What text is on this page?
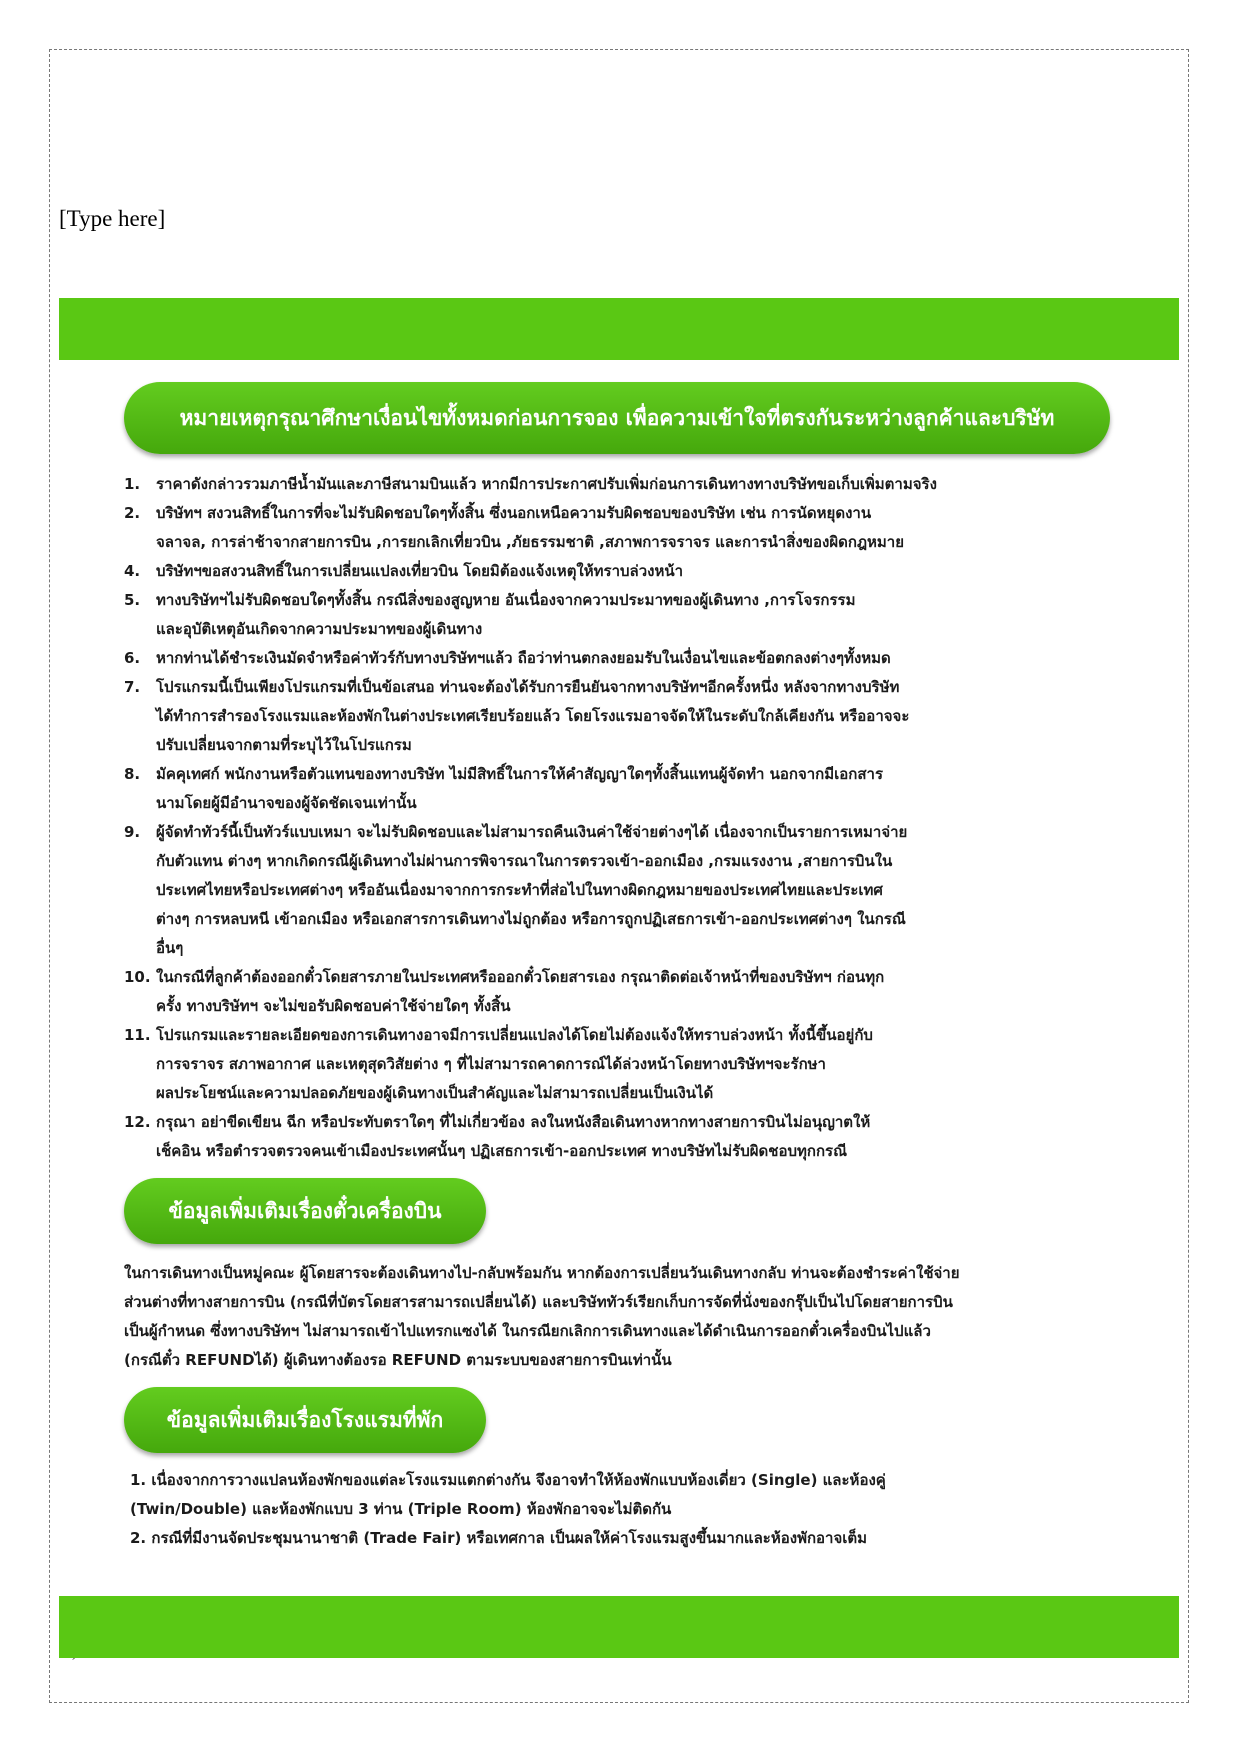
[Type here]
หมายเหตุกรุณาศึกษาเงื่อนไขทั้งหมดก่อนการจอง เพื่อความเข้าใจที่ตรงกันระหว่างลูกค้าและบริษัท
1.	ราคาดังกล่าวรวมภาษีน้ำมันและภาษีสนามบินแล้ว หากมีการประกาศปรับเพิ่มก่อนการเดินทางทางบริษัทขอเก็บเพิ่มตามจริง
2.	บริษัทฯ สงวนสิทธิ์ในการที่จะไม่รับผิดชอบใดๆทั้งสิ้น ซึ่งนอกเหนือความรับผิดชอบของบริษัท เช่น การนัดหยุดงาน
จลาจล, การล่าช้าจากสายการบิน ,การยกเลิกเที่ยวบิน ,ภัยธรรมชาติ ,สภาพการจราจร และการนำสิ่งของผิดกฎหมาย
4.	บริษัทฯขอสงวนสิทธิ์ในการเปลี่ยนแปลงเที่ยวบิน โดยมิต้องแจ้งเหตุให้ทราบล่วงหน้า
5.	ทางบริษัทฯไม่รับผิดชอบใดๆทั้งสิ้น กรณีสิ่งของสูญหาย อันเนื่องจากความประมาทของผู้เดินทาง ,การโจรกรรม
และอุบัติเหตุอันเกิดจากความประมาทของผู้เดินทาง
6.	หากท่านได้ชำระเงินมัดจำหรือค่าทัวร์กับทางบริษัทฯแล้ว ถือว่าท่านตกลงยอมรับในเงื่อนไขและข้อตกลงต่างๆทั้งหมด
7.	โปรแกรมนี้เป็นเพียงโปรแกรมที่เป็นข้อเสนอ ท่านจะต้องได้รับการยืนยันจากทางบริษัทฯอีกครั้งหนึ่ง หลังจากทางบริษัท
ได้ทำการสำรองโรงแรมและห้องพักในต่างประเทศเรียบร้อยแล้ว โดยโรงแรมอาจจัดให้ในระดับใกล้เคียงกัน หรืออาจจะ
ปรับเปลี่ยนจากตามที่ระบุไว้ในโปรแกรม
8.	มัคคุเทศก์ พนักงานหรือตัวแทนของทางบริษัท ไม่มีสิทธิ์ในการให้คำสัญญาใดๆทั้งสิ้นแทนผู้จัดทำ นอกจากมีเอกสาร
นามโดยผู้มีอำนาจของผู้จัดชัดเจนเท่านั้น
9.	ผู้จัดทำทัวร์นี้เป็นทัวร์แบบเหมา จะไม่รับผิดชอบและไม่สามารถคืนเงินค่าใช้จ่ายต่างๆได้ เนื่องจากเป็นรายการเหมาจ่าย
กับตัวแทน ต่างๆ หากเกิดกรณีผู้เดินทางไม่ผ่านการพิจารณาในการตรวจเข้า-ออกเมือง ,กรมแรงงาน ,สายการบินใน
ประเทศไทยหรือประเทศต่างๆ หรืออันเนื่องมาจากการกระทำที่ส่อไปในทางผิดกฎหมายของประเทศไทยและประเทศ
ต่างๆ การหลบหนี เข้าอกเมือง หรือเอกสารการเดินทางไม่ถูกต้อง หรือการถูกปฏิเสธการเข้า-ออกประเทศต่างๆ ในกรณี
อื่นๆ
10. ในกรณีที่ลูกค้าต้องออกตั๋วโดยสารภายในประเทศหรือออกตั๋วโดยสารเอง กรุณาติดต่อเจ้าหน้าที่ของบริษัทฯ ก่อนทุก
ครั้ง ทางบริษัทฯ จะไม่ขอรับผิดชอบค่าใช้จ่ายใดๆ ทั้งสิ้น
11. โปรแกรมและรายละเอียดของการเดินทางอาจมีการเปลี่ยนแปลงได้โดยไม่ต้องแจ้งให้ทราบล่วงหน้า ทั้งนี้ขึ้นอยู่กับ
การจราจร สภาพอากาศ และเหตุสุดวิสัยต่าง ๆ ที่ไม่สามารถคาดการณ์ได้ล่วงหน้าโดยทางบริษัทฯจะรักษา
ผลประโยชน์และความปลอดภัยของผู้เดินทางเป็นสำคัญและไม่สามารถเปลี่ยนเป็นเงินได้
12. กรุณา อย่าขีดเขียน ฉีก หรือประทับตราใดๆ ที่ไม่เกี่ยวข้อง ลงในหนังสือเดินทางหากทางสายการบินไม่อนุญาตให้
เช็คอิน หรือตำรวจตรวจคนเข้าเมืองประเทศนั้นๆ ปฏิเสธการเข้า-ออกประเทศ ทางบริษัทไม่รับผิดชอบทุกกรณี
ข้อมูลเพิ่มเติมเรื่องตั๋วเครื่องบิน

ในการเดินทางเป็นหมู่คณะ ผู้โดยสารจะต้องเดินทางไป-กลับพร้อมกัน หากต้องการเปลี่ยนวันเดินทางกลับ ท่านจะต้องชำระค่าใช้จ่าย
ส่วนต่างที่ทางสายการบิน (กรณีที่บัตรโดยสารสามารถเปลี่ยนได้) และบริษัททัวร์เรียกเก็บการจัดที่นั่งของกรุ๊ปเป็นไปโดยสายการบิน
เป็นผู้กำหนด ซึ่งทางบริษัทฯ ไม่สามารถเข้าไปแทรกแซงได้ ในกรณียกเลิกการเดินทางและได้ดำเนินการออกตั๋วเครื่องบินไปแล้ว
(กรณีตั๋ว REFUNDได้) ผู้เดินทางต้องรอ REFUND ตามระบบของสายการบินเท่านั้น

ข้อมูลเพิ่มเติมเรื่องโรงแรมที่พัก
1. เนื่องจากการวางแปลนห้องพักของแต่ละโรงแรมแตกต่างกัน จึงอาจทำให้ห้องพักแบบห้องเดี่ยว (Single) และห้องคู่
(Twin/Double) และห้องพักแบบ 3 ท่าน (Triple Room) ห้องพักอาจจะไม่ติดกัน
2. กรณีที่มีงานจัดประชุมนานาชาติ (Trade Fair) หรือเทศกาล เป็นผลให้ค่าโรงแรมสูงขึ้นมากและห้องพักอาจเต็ม
